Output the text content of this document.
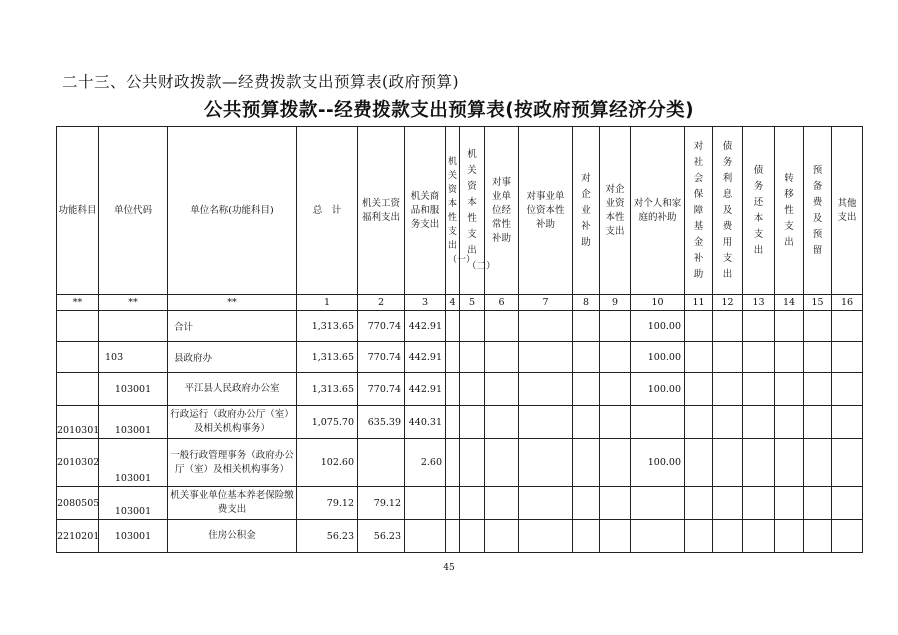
二十三、公共财政拨款—经费拨款支出预算表(政府预算)
公共预算拨款--经费拨款支出预算表(按政府预算经济分类)
功能科目	单位代码	单位名称(功能科目)	总　计	机关工资福利支出	机关商品和服务支出	机关资本性支出（一）	机关资本性支出（二）	对事业单位经常性补助	对事业单位资本性补助	对企业补助	对企业资本性支出	对个人和家庭的补助	对社会保障基金补助	债务利息及费用支出	债务还本支出	转移性支出	预备费及预留	其他支出
**	**	**	1	2	3	4	5	6	7	8	9	10	11	12	13	14	15	16
		合计	1,313.65	770.74	442.91							100.00						
	103	县政府办	1,313.65	770.74	442.91							100.00						
	103001	平江县人民政府办公室	1,313.65	770.74	442.91							100.00						
2010301	103001	行政运行（政府办公厅（室）及相关机构事务）	1,075.70	635.39	440.31													
2010302	103001	一般行政管理事务（政府办公厅（室）及相关机构事务）	102.60		2.60							100.00						
2080505	103001	机关事业单位基本养老保险缴费支出	79.12	79.12														
2210201	103001	住房公积金	56.23	56.23														
45
